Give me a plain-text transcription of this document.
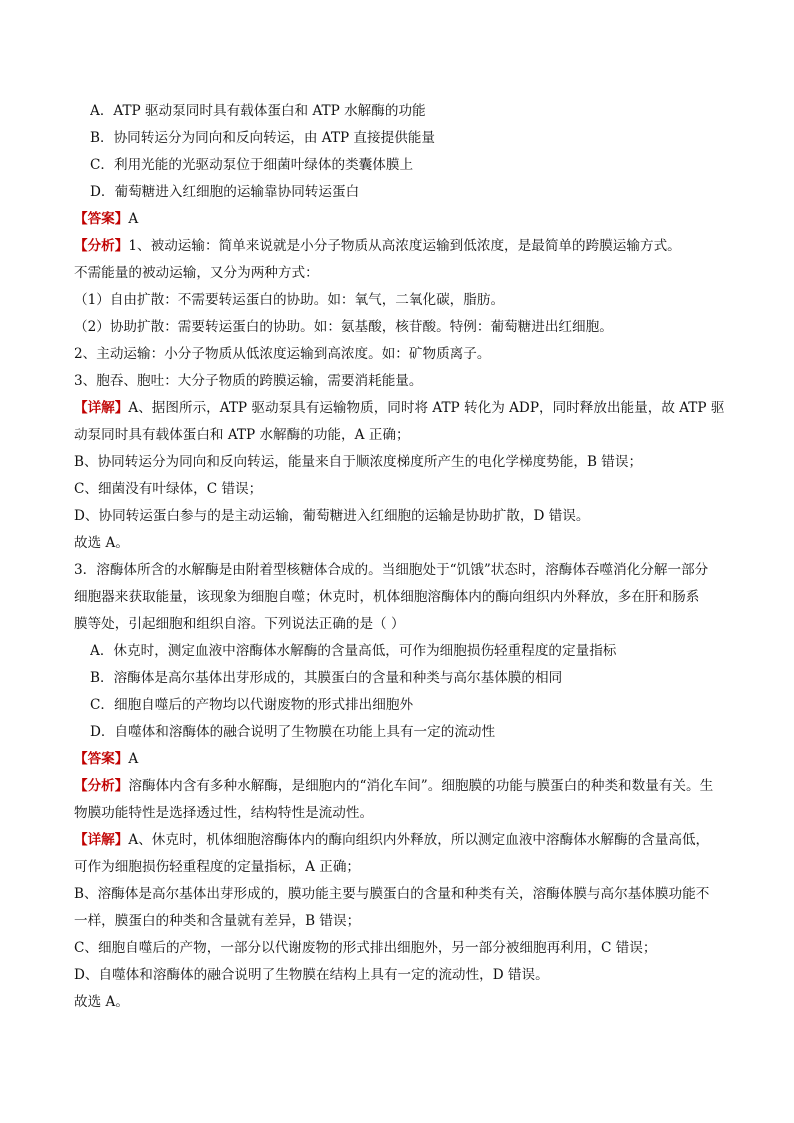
A．ATP 驱动泵同时具有载体蛋白和 ATP 水解酶的功能
B．协同转运分为同向和反向转运，由 ATP 直接提供能量
C．利用光能的光驱动泵位于细菌叶绿体的类囊体膜上
D．葡萄糖进入红细胞的运输靠协同转运蛋白
【答案】A
【分析】1、被动运输：简单来说就是小分子物质从高浓度运输到低浓度，是最简单的跨膜运输方式。
不需能量的被动运输，又分为两种方式：
（1）自由扩散：不需要转运蛋白的协助。如：氧气，二氧化碳，脂肪。
（2）协助扩散：需要转运蛋白的协助。如：氨基酸，核苷酸。特例：葡萄糖进出红细胞。
2、主动运输：小分子物质从低浓度运输到高浓度。如：矿物质离子。
3、胞吞、胞吐：大分子物质的跨膜运输，需要消耗能量。
【详解】A、据图所示，ATP 驱动泵具有运输物质，同时将 ATP 转化为 ADP，同时释放出能量，故 ATP 驱
动泵同时具有载体蛋白和 ATP 水解酶的功能，A 正确；
B、协同转运分为同向和反向转运，能量来自于顺浓度梯度所产生的电化学梯度势能，B 错误；
C、细菌没有叶绿体，C 错误；
D、协同转运蛋白参与的是主动运输，葡萄糖进入红细胞的运输是协助扩散，D 错误。
故选 A。
3．溶酶体所含的水解酶是由附着型核糖体合成的。当细胞处于“饥饿”状态时，溶酶体吞噬消化分解一部分
细胞器来获取能量，该现象为细胞自噬；休克时，机体细胞溶酶体内的酶向组织内外释放，多在肝和肠系
膜等处，引起细胞和组织自溶。下列说法正确的是（ ）
A．休克时，测定血液中溶酶体水解酶的含量高低，可作为细胞损伤轻重程度的定量指标
B．溶酶体是高尔基体出芽形成的，其膜蛋白的含量和种类与高尔基体膜的相同
C．细胞自噬后的产物均以代谢废物的形式排出细胞外
D．自噬体和溶酶体的融合说明了生物膜在功能上具有一定的流动性
【答案】A
【分析】溶酶体内含有多种水解酶，是细胞内的“消化车间”。细胞膜的功能与膜蛋白的种类和数量有关。生
物膜功能特性是选择透过性，结构特性是流动性。
【详解】A、休克时，机体细胞溶酶体内的酶向组织内外释放，所以测定血液中溶酶体水解酶的含量高低，
可作为细胞损伤轻重程度的定量指标，A 正确；
B、溶酶体是高尔基体出芽形成的，膜功能主要与膜蛋白的含量和种类有关，溶酶体膜与高尔基体膜功能不
一样，膜蛋白的种类和含量就有差异，B 错误；
C、细胞自噬后的产物，一部分以代谢废物的形式排出细胞外，另一部分被细胞再利用，C 错误；
D、自噬体和溶酶体的融合说明了生物膜在结构上具有一定的流动性，D 错误。
故选 A。
